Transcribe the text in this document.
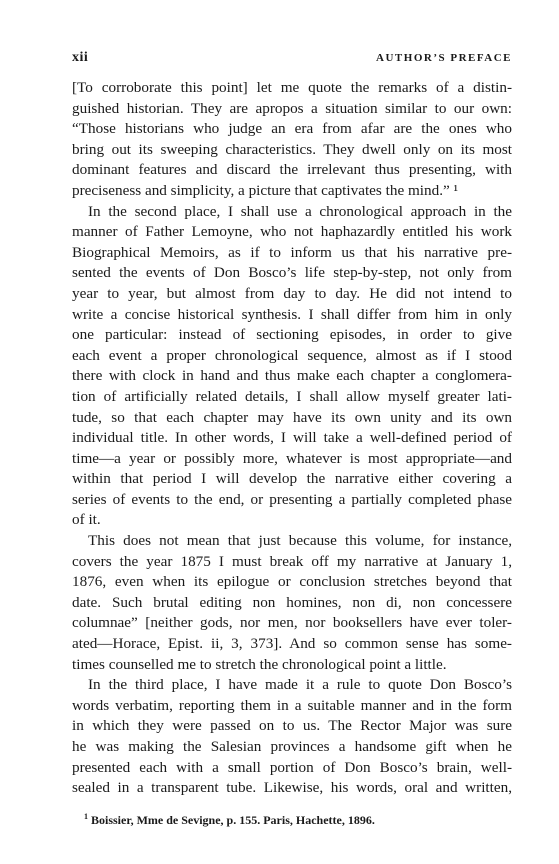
xii	AUTHOR’S PREFACE
[To corroborate this point] let me quote the remarks of a distin-
guished historian. They are apropos a situation similar to our own:
“Those historians who judge an era from afar are the ones who
bring out its sweeping characteristics. They dwell only on its most
dominant features and discard the irrelevant thus presenting, with
preciseness and simplicity, a picture that captivates the mind.” ¹
In the second place, I shall use a chronological approach in the
manner of Father Lemoyne, who not haphazardly entitled his work
Biographical Memoirs, as if to inform us that his narrative pre-
sented the events of Don Bosco’s life step-by-step, not only from
year to year, but almost from day to day. He did not intend to
write a concise historical synthesis. I shall differ from him in only
one particular: instead of sectioning episodes, in order to give
each event a proper chronological sequence, almost as if I stood
there with clock in hand and thus make each chapter a conglomera-
tion of artificially related details, I shall allow myself greater lati-
tude, so that each chapter may have its own unity and its own
individual title. In other words, I will take a well-defined period of
time—a year or possibly more, whatever is most appropriate—and
within that period I will develop the narrative either covering a
series of events to the end, or presenting a partially completed phase
of it.
This does not mean that just because this volume, for instance,
covers the year 1875 I must break off my narrative at January 1,
1876, even when its epilogue or conclusion stretches beyond that
date. Such brutal editing non homines, non di, non concessere
columnae” [neither gods, nor men, nor booksellers have ever toler-
ated—Horace, Epist. ii, 3, 373]. And so common sense has some-
times counselled me to stretch the chronological point a little.
In the third place, I have made it a rule to quote Don Bosco’s
words verbatim, reporting them in a suitable manner and in the form
in which they were passed on to us. The Rector Major was sure
he was making the Salesian provinces a handsome gift when he
presented each with a small portion of Don Bosco’s brain, well-
sealed in a transparent tube. Likewise, his words, oral and written,
$^1$ Boissier, Mme de Sevigne, p. 155. Paris, Hachette, 1896.
